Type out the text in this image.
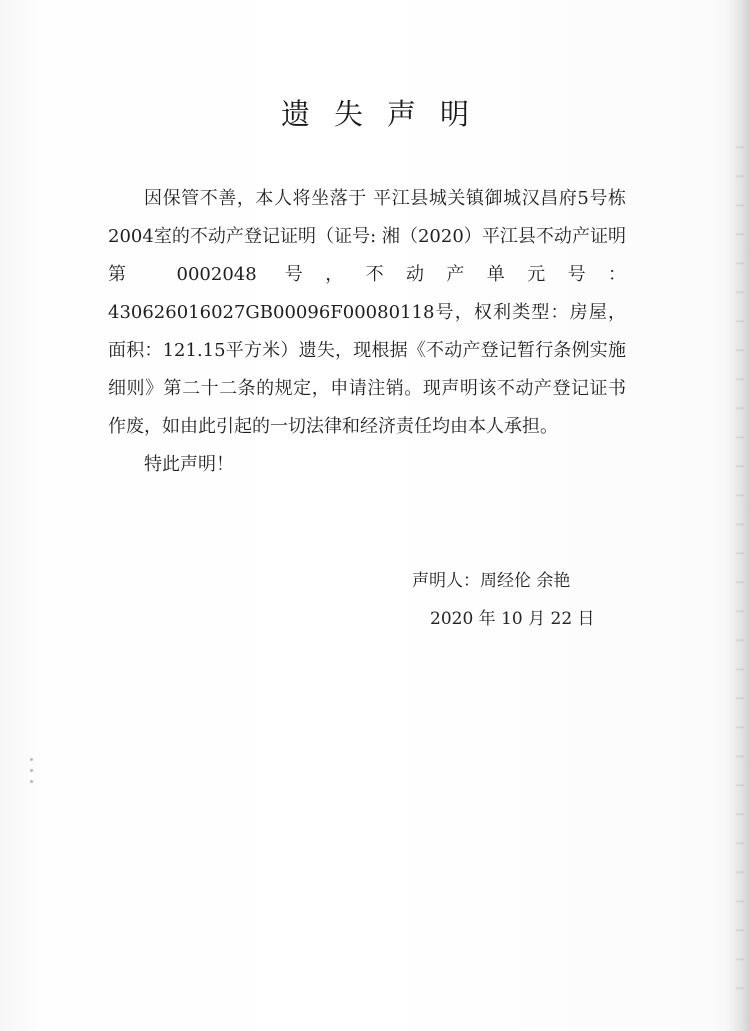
遗失声明

因保管不善，本人将坐落于 平江县城关镇御城汉昌府5号栋2004室的不动产登记证明（证号: 湘（2020）平江县不动产证明第 0002048 号，不动产单元号：430626016027GB00096F00080118号，权利类型：房屋，面积：121.15平方米）遗失，现根据《不动产登记暂行条例实施细则》第二十二条的规定，申请注销。现声明该不动产登记证书作废，如由此引起的一切法律和经济责任均由本人承担。

特此声明！

声明人：周经伦 余艳
2020 年 10 月 22 日
